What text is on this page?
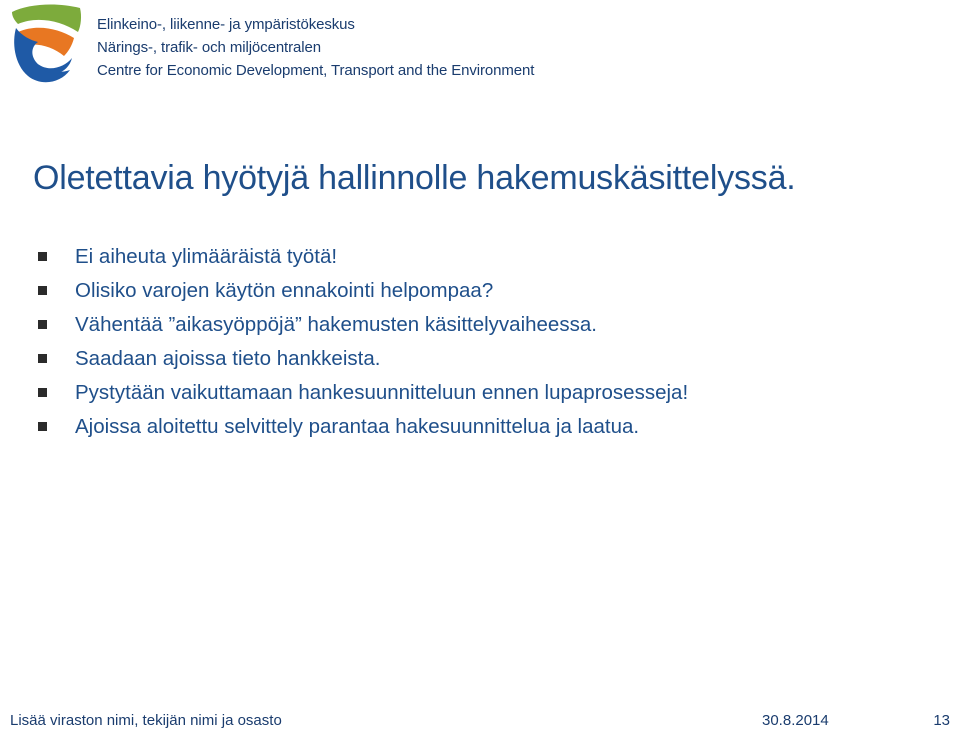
Elinkeino-, liikenne- ja ympäristökeskus
Närings-, trafik- och miljöcentralen
Centre for Economic Development, Transport and the Environment
Oletettavia hyötyjä hallinnolle hakemuskäsittelyssä.
Ei aiheuta ylimääräistä työtä!
Olisiko varojen käytön ennakointi helpompaa?
Vähentää ”aikasyöppöjä” hakemusten käsittelyvaiheessa.
Saadaan ajoissa tieto hankkeista.
Pystytään vaikuttamaan hankesuunnitteluun ennen lupaprosesseja!
Ajoissa aloitettu selvittely parantaa hakesuunnittelua ja laatua.
Lisää viraston nimi, tekijän nimi ja osasto	30.8.2014	13
